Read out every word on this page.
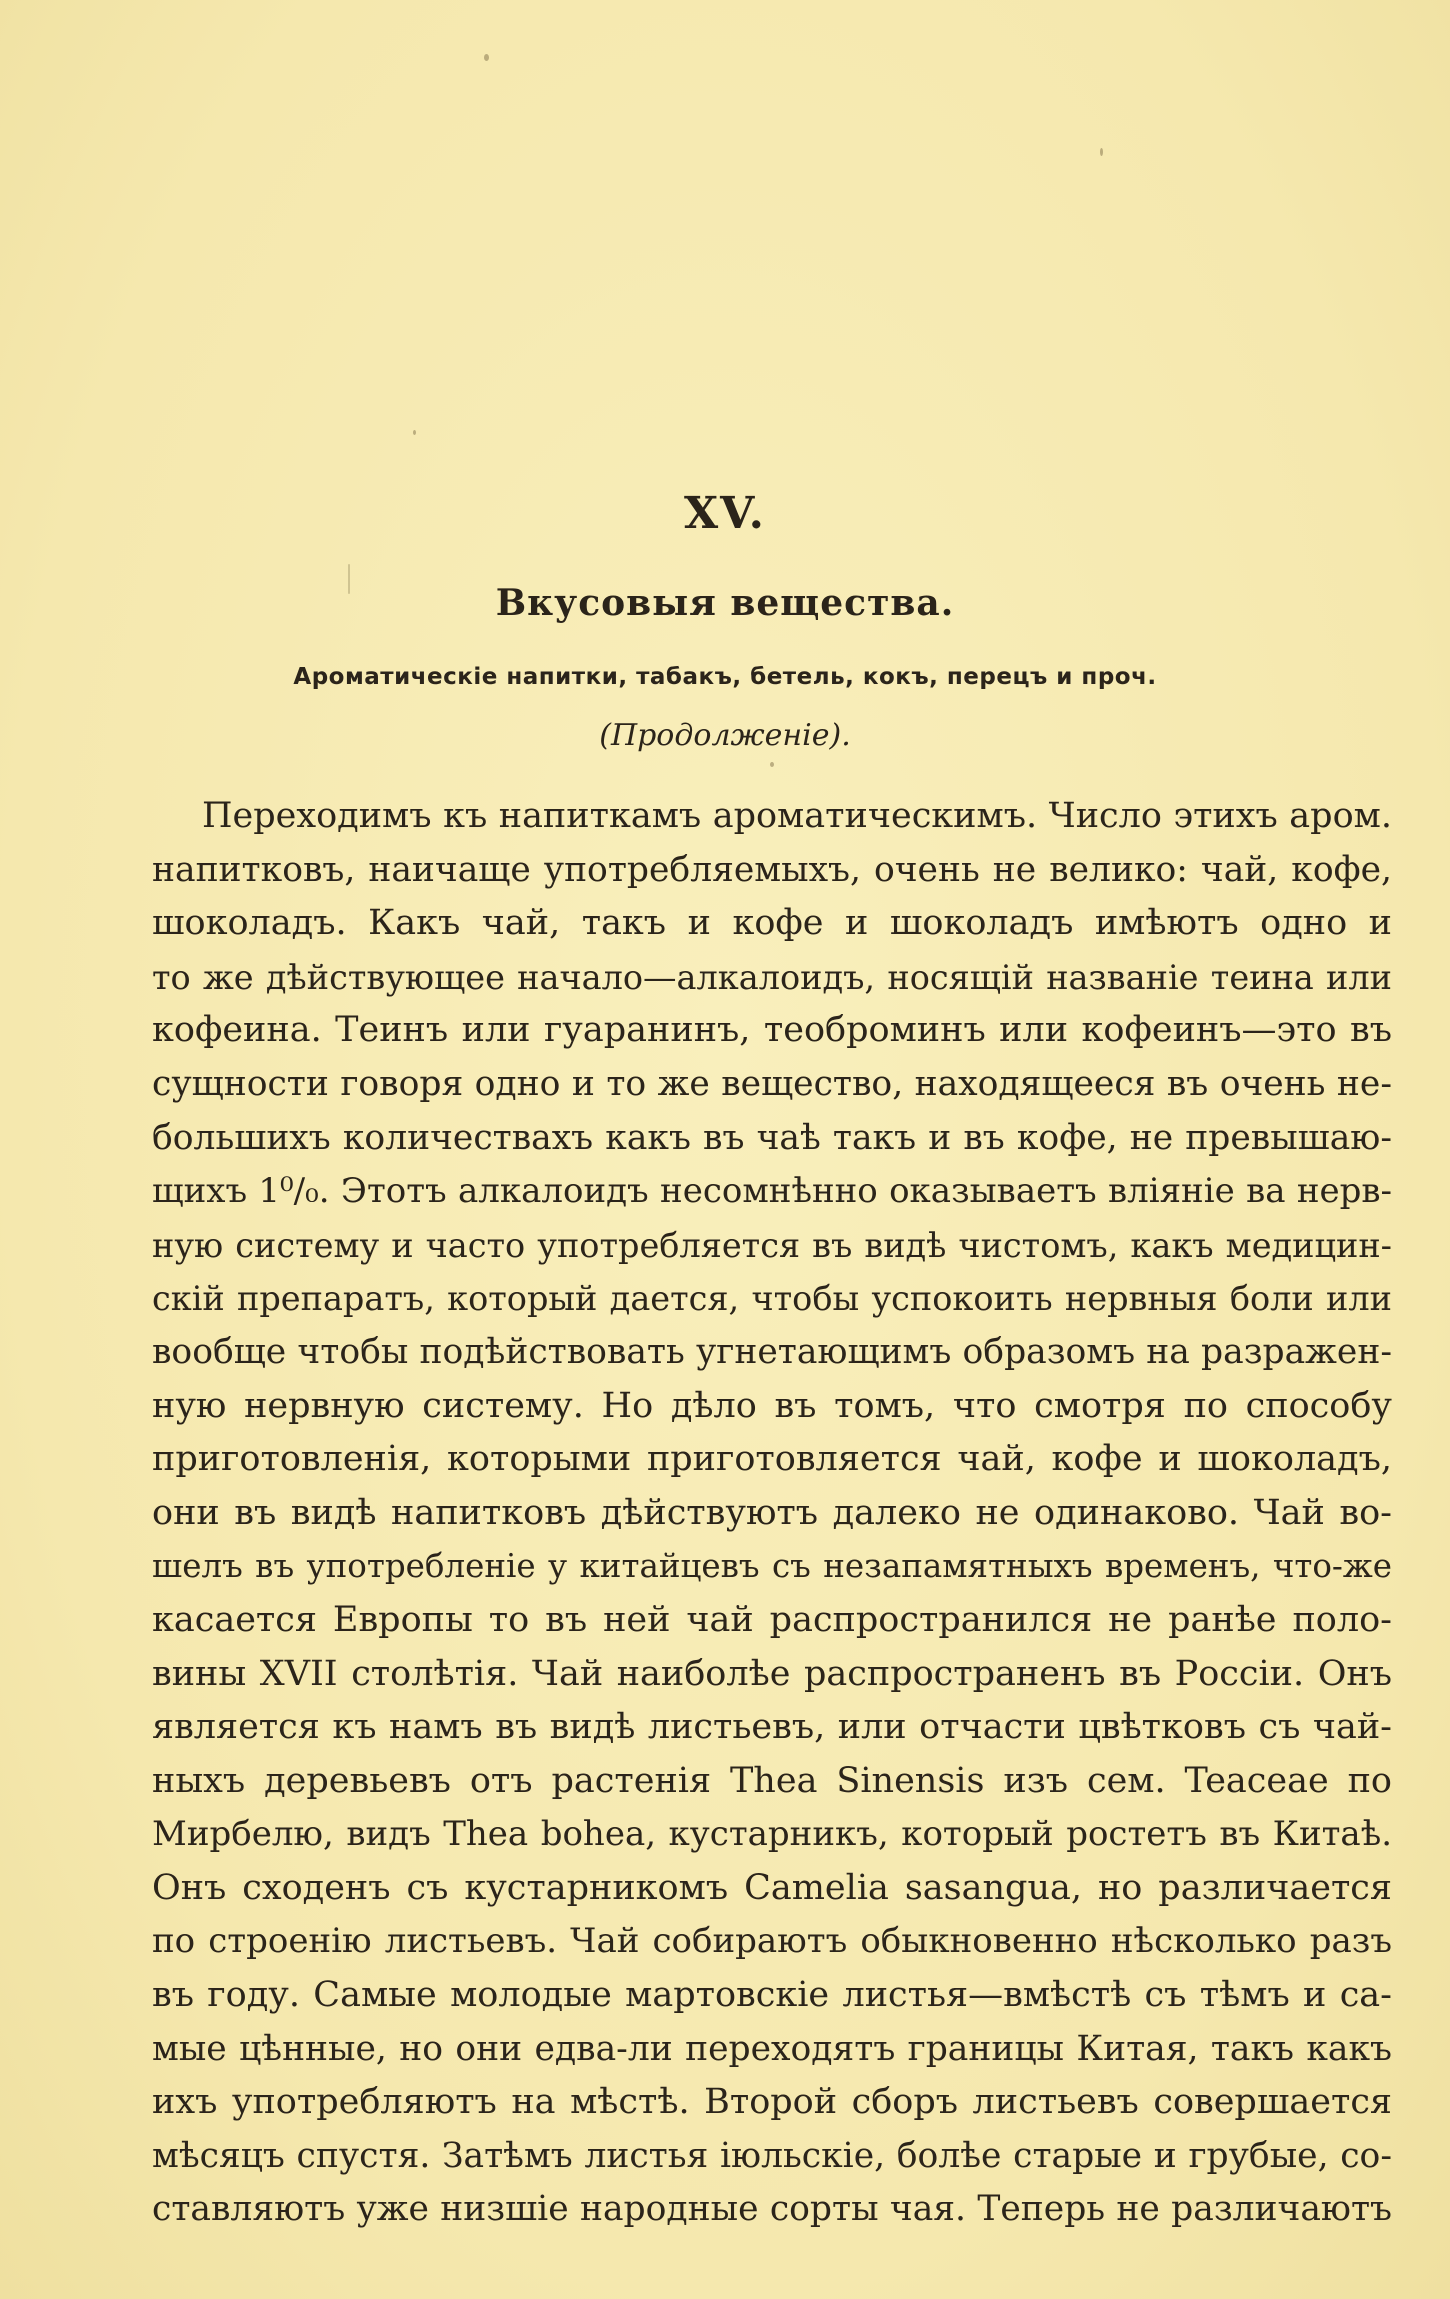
XV.
Вкусовыя вещества.
Ароматическіе напитки, табакъ, бетель, кокъ, перецъ и проч.
(Продолженіе).
Переходимъ къ напиткамъ ароматическимъ. Число этихъ аром.
напитковъ, наичаще употребляемыхъ, очень не велико: чай, кофе,
шоколадъ. Какъ чай, такъ и кофе и шоколадъ имѣютъ одно и
то же дѣйствующее начало—алкалоидъ, носящій названіе теина или
кофеина. Теинъ или гуаранинъ, теоброминъ или кофеинъ—это въ
сущности говоря одно и то же вещество, находящееся въ очень не-
большихъ количествахъ какъ въ чаѣ такъ и въ кофе, не превышаю-
щихъ 1⁰/₀. Этотъ алкалоидъ несомнѣнно оказываетъ вліяніе ва нерв-
ную систему и часто употребляется въ видѣ чистомъ, какъ медицин-
скій препаратъ, который дается, чтобы успокоить нервныя боли или
вообще чтобы подѣйствовать угнетающимъ образомъ на разражен-
ную нервную систему. Но дѣло въ томъ, что смотря по способу
приготовленія, которыми приготовляется чай, кофе и шоколадъ,
они въ видѣ напитковъ дѣйствуютъ далеко не одинаково. Чай во-
шелъ въ употребленіе у китайцевъ съ незапамятныхъ временъ, что-же
касается Европы то въ ней чай распространился не ранѣе поло-
вины XVII столѣтія. Чай наиболѣе распространенъ въ Россіи. Онъ
является къ намъ въ видѣ листьевъ, или отчасти цвѣтковъ съ чай-
ныхъ деревьевъ отъ растенія Thea Sinensis изъ сем. Teaceae по
Мирбелю, видъ Thea bohea, кустарникъ, который ростетъ въ Китаѣ.
Онъ сходенъ съ кустарникомъ Camelia sasangua, но различается
по строенію листьевъ. Чай собираютъ обыкновенно нѣсколько разъ
въ году. Самые молодые мартовскіе листья—вмѣстѣ съ тѣмъ и са-
мые цѣнные, но они едва-ли переходятъ границы Китая, такъ какъ
ихъ употребляютъ на мѣстѣ. Второй сборъ листьевъ совершается
мѣсяцъ спустя. Затѣмъ листья іюльскіе, болѣе старые и грубые, со-
ставляютъ уже низшіе народные сорты чая. Теперь не различаютъ
